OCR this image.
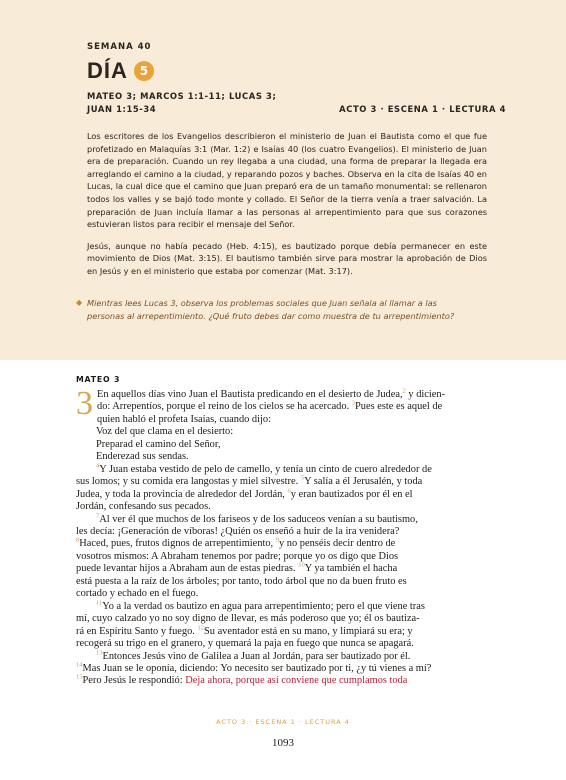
SEMANA 40
DÍA 5
MATEO 3; MARCOS 1:1-11; LUCAS 3;
JUAN 1:15-34	ACTO 3 · ESCENA 1 · LECTURA 4

Los escritores de los Evangelios describieron el ministerio de Juan el Bautista como el que fue profetizado en Malaquías 3:1 (Mar. 1:2) e Isaías 40 (los cuatro Evangelios). El ministerio de Juan era de preparación. Cuando un rey llegaba a una ciudad, una forma de preparar la llegada era arreglando el camino a la ciudad, y reparando pozos y baches. Observa en la cita de Isaías 40 en Lucas, la cual dice que el camino que Juan preparó era de un tamaño monumental: se rellenaron todos los valles y se bajó todo monte y collado. El Señor de la tierra venía a traer salvación. La preparación de Juan incluía llamar a las personas al arrepentimiento para que sus corazones estuvieran listos para recibir el mensaje del Señor.

Jesús, aunque no había pecado (Heb. 4:15), es bautizado porque debía permanecer en este movimiento de Dios (Mat. 3:15). El bautismo también sirve para mostrar la aprobación de Dios en Jesús y en el ministerio que estaba por comenzar (Mat. 3:17).

◆ Mientras lees Lucas 3, observa los problemas sociales que Juan señala al llamar a las personas al arrepentimiento. ¿Qué fruto debes dar como muestra de tu arrepentimiento?
MATEO 3
3 En aquellos días vino Juan el Bautista predicando en el desierto de Judea,$^2$ y dicien-
do: Arrepentíos, porque el reino de los cielos se ha acercado. $^3$Pues este es aquel de
quien habló el profeta Isaías, cuando dijo:
Voz del que clama en el desierto:
Preparad el camino del Señor,
Enderezad sus sendas.
$^4$Y Juan estaba vestido de pelo de camello, y tenía un cinto de cuero alrededor de
sus lomos; y su comida era langostas y miel silvestre. $^5$Y salía a él Jerusalén, y toda
Judea, y toda la provincia de alrededor del Jordán, $^6$y eran bautizados por él en el
Jordán, confesando sus pecados.
$^7$Al ver él que muchos de los fariseos y de los saduceos venían a su bautismo,
les decía: ¡Generación de víboras! ¿Quién os enseñó a huir de la ira venidera?
$^8$Haced, pues, frutos dignos de arrepentimiento, $^9$y no penséis decir dentro de
vosotros mismos: A Abraham tenemos por padre; porque yo os digo que Dios
puede levantar hijos a Abraham aun de estas piedras. $^{10}$Y ya también el hacha
está puesta a la raíz de los árboles; por tanto, todo árbol que no da buen fruto es
cortado y echado en el fuego.
$^{11}$Yo a la verdad os bautizo en agua para arrepentimiento; pero el que viene tras
mí, cuyo calzado yo no soy digno de llevar, es más poderoso que yo; él os bautiza-
rá en Espíritu Santo y fuego. $^{12}$Su aventador está en su mano, y limpiará su era; y
recogerá su trigo en el granero, y quemará la paja en fuego que nunca se apagará.
$^{13}$Entonces Jesús vino de Galilea a Juan al Jordán, para ser bautizado por él.
$^{14}$Mas Juan se le oponía, diciendo: Yo necesito ser bautizado por ti, ¿y tú vienes a mí?
$^{15}$Pero Jesús le respondió: Deja ahora, porque así conviene que cumplamos toda
ACTO 3 · ESCENA 1 · LECTURA 4
1093
